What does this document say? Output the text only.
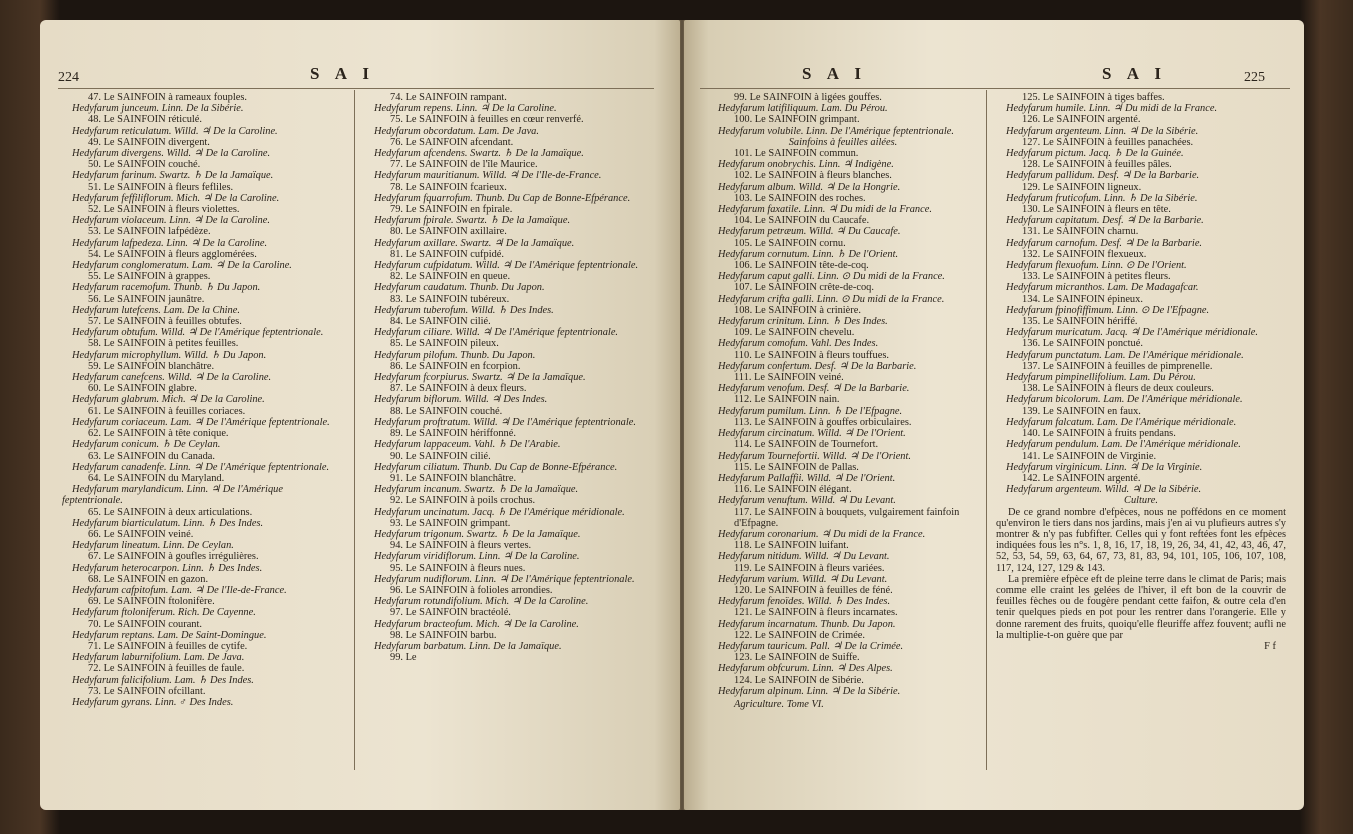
224	S A I

47. Le SAINFOIN à rameaux fouples.

Hedyfarum junceum. Linn. De la Sibérie.

48. Le SAINFOIN réticulé.

Hedyfarum reticulatum. Willd. ♃ De la Caroline.

49. Le SAINFOIN divergent.

Hedyfarum divergens. Willd. ♃ De la Caroline.

50. Le SAINFOIN couché.

Hedyfarum farinum. Swartz. ♄ De la Jamaïque.

51. Le SAINFOIN à fleurs fefliles.

Hedyfarum feffiliflorum. Mich. ♃ De la Caroline.

52. Le SAINFOIN à fleurs violettes.

Hedyfarum violaceum. Linn. ♃ De la Caroline.

53. Le SAINFOIN lafpédèze.

Hedyfarum lafpedeza. Linn. ♃ De la Caroline.

54. Le SAINFOIN à fleurs agglomérées.

Hedyfarum conglomeratum. Lam. ♃ De la Caroline.

55. Le SAINFOIN à grappes.

Hedyfarum racemofum. Thunb. ♄ Du Japon.

56. Le SAINFOIN jaunâtre.

Hedyfarum lutefcens. Lam. De la Chine.

57. Le SAINFOIN à feuilles obtufes.

Hedyfarum obtufum. Willd. ♃ De l'Amérique feptentrionale.

58. Le SAINFOIN à petites feuilles.

Hedyfarum microphyllum. Willd. ♄ Du Japon.

59. Le SAINFOIN blanchâtre.

Hedyfarum canefcens. Willd. ♃ De la Caroline.

60. Le SAINFOIN glabre.

Hedyfarum glabrum. Mich. ♃ De la Caroline.

61. Le SAINFOIN à feuilles coriaces.

Hedyfarum coriaceum. Lam. ♃ De l'Amérique feptentrionale.

62. Le SAINFOIN à tête conique.

Hedyfarum conicum. ♄ De Ceylan.

63. Le SAINFOIN du Canada.

Hedyfarum canadenfe. Linn. ♃ De l'Amérique feptentrionale.

64. Le SAINFOIN du Maryland.

Hedyfarum marylandicum. Linn. ♃ De l'Amérique feptentrionale.

65. Le SAINFOIN à deux articulations.

Hedyfarum biarticulatum. Linn. ♄ Des Indes.

66. Le SAINFOIN veiné.

Hedyfarum lineatum. Linn. De Ceylan.

67. Le SAINFOIN à goufles irrégulières.

Hedyfarum heterocarpon. Linn. ♄ Des Indes.

68. Le SAINFOIN en gazon.

Hedyfarum cafpitofum. Lam. ♃ De l'Ile-de-France.

69. Le SAINFOIN ftolonifère.

Hedyfarum ftoloniferum. Rich. De Cayenne.

70. Le SAINFOIN courant.

Hedyfarum reptans. Lam. De Saint-Domingue.

71. Le SAINFOIN à feuilles de cytife.

Hedyfarum laburnifolium. Lam. De Java.

72. Le SAINFOIN à feuilles de faule.

Hedyfarum falicifolium. Lam. ♄ Des Indes.

73. Le SAINFOIN ofcillant.

Hedyfarum gyrans. Linn. ♂ Des Indes.

74. Le SAINFOIN rampant.

Hedyfarum repens. Linn. ♃ De la Caroline.

75. Le SAINFOIN à feuilles en cœur renverfé.

Hedyfarum obcordatum. Lam. De Java.

76. Le SAINFOIN afcendant.

Hedyfarum afcendens. Swartz. ♄ De la Jamaïque.

77. Le SAINFOIN de l'île Maurice.

Hedyfarum mauritianum. Willd. ♃ De l'Ile-de-France.

78. Le SAINFOIN fcarieux.

Hedyfarum fquarrofum. Thunb. Du Cap de Bonne-Efpérance.

79. Le SAINFOIN en fpirale.

Hedyfarum fpirale. Swartz. ♄ De la Jamaïque.

80. Le SAINFOIN axillaire.

Hedyfarum axillare. Swartz. ♃ De la Jamaïque.

81. Le SAINFOIN cufpidé.

Hedyfarum cufpidatum. Willd. ♃ De l'Amérique feptentrionale.

82. Le SAINFOIN en queue.

Hedyfarum caudatum. Thunb. Du Japon.

83. Le SAINFOIN tubéreux.

Hedyfarum tuberofum. Willd. ♄ Des Indes.

84. Le SAINFOIN cilié.

Hedyfarum ciliare. Willd. ♃ De l'Amérique feptentrionale.

85. Le SAINFOIN pileux.

Hedyfarum pilofum. Thunb. Du Japon.

86. Le SAINFOIN en fcorpion.

Hedyfarum fcorpiurus. Swartz. ♃ De la Jamaïque.

87. Le SAINFOIN à deux fleurs.

Hedyfarum biflorum. Willd. ♃ Des Indes.

88. Le SAINFOIN couché.

Hedyfarum proftratum. Willd. ♃ De l'Amérique feptentrionale.

89. Le SAINFOIN hériffonné.

Hedyfarum lappaceum. Vahl. ♄ De l'Arabie.

90. Le SAINFOIN cilié.

Hedyfarum ciliatum. Thunb. Du Cap de Bonne-Efpérance.

91. Le SAINFOIN blanchâtre.

Hedyfarum incanum. Swartz. ♄ De la Jamaïque.

92. Le SAINFOIN à poils crochus.

Hedyfarum uncinatum. Jacq. ♄ De l'Amérique méridionale.

93. Le SAINFOIN grimpant.

Hedyfarum trigonum. Swartz. ♄ De la Jamaïque.

94. Le SAINFOIN à fleurs vertes.

Hedyfarum viridiflorum. Linn. ♃ De la Caroline.

95. Le SAINFOIN à fleurs nues.

Hedyfarum nudiflorum. Linn. ♃ De l'Amérique feptentrionale.

96. Le SAINFOIN à folioles arrondies.

Hedyfarum rotundifolium. Mich. ♃ De la Caroline.

97. Le SAINFOIN bractéolé.

Hedyfarum bracteofum. Mich. ♃ De la Caroline.

98. Le SAINFOIN barbu.

Hedyfarum barbatum. Linn. De la Jamaïque.

99. Le

S A I	S A I	225

99. Le SAINFOIN à ligées gouffes.

Hedyfarum latifiliquum. Lam. Du Pérou.

100. Le SAINFOIN grimpant.

Hedyfarum volubile. Linn. De l'Amérique feptentrionale.

Sainfoins à feuilles ailées.

101. Le SAINFOIN commun.

Hedyfarum onobrychis. Linn. ♃ Indigène.

102. Le SAINFOIN à fleurs blanches.

Hedyfarum album. Willd. ♃ De la Hongrie.

103. Le SAINFOIN des roches.

Hedyfarum faxatile. Linn. ♃ Du midi de la France.

104. Le SAINFOIN du Caucafe.

Hedyfarum petræum. Willd. ♃ Du Caucafe.

105. Le SAINFOIN cornu.

Hedyfarum cornutum. Linn. ♄ De l'Orient.

106. Le SAINFOIN tête-de-coq.

Hedyfarum caput galli. Linn. ⊙ Du midi de la France.

107. Le SAINFOIN crête-de-coq.

Hedyfarum crifta galli. Linn. ⊙ Du midi de la France.

108. Le SAINFOIN à crinière.

Hedyfarum crinitum. Linn. ♄ Des Indes.

109. Le SAINFOIN chevelu.

Hedyfarum comofum. Vahl. Des Indes.

110. Le SAINFOIN à fleurs touffues.

Hedyfarum confertum. Desf. ♃ De la Barbarie.

111. Le SAINFOIN veiné.

Hedyfarum venofum. Desf. ♃ De la Barbarie.

112. Le SAINFOIN nain.

Hedyfarum pumilum. Linn. ♄ De l'Efpagne.

113. Le SAINFOIN à gouffes orbiculaires.

Hedyfarum circinatum. Willd. ♃ De l'Orient.

114. Le SAINFOIN de Tournefort.

Hedyfarum Tournefortii. Willd. ♃ De l'Orient.

115. Le SAINFOIN de Pallas.

Hedyfarum Pallaffii. Willd. ♃ De l'Orient.

116. Le SAINFOIN élégant.

Hedyfarum venuftum. Willd. ♃ Du Levant.

117. Le SAINFOIN à bouquets, vulgairement fainfoin d'Efpagne.

Hedyfarum coronarium. ♃ Du midi de la France.

118. Le SAINFOIN luifant.

Hedyfarum nitidum. Willd. ♃ Du Levant.

119. Le SAINFOIN à fleurs variées.

Hedyfarum varium. Willd. ♃ Du Levant.

120. Le SAINFOIN à feuilles de féné.

Hedyfarum fenoïdes. Willd. ♄ Des Indes.

121. Le SAINFOIN à fleurs incarnates.

Hedyfarum incarnatum. Thunb. Du Japon.

122. Le SAINFOIN de Crimée.

Hedyfarum tauricum. Pall. ♃ De la Crimée.

123. Le SAINFOIN de Suiffe.

Hedyfarum obfcurum. Linn. ♃ Des Alpes.

124. Le SAINFOIN de Sibérie.

Hedyfarum alpinum. Linn. ♃ De la Sibérie.

Agriculture. Tome VI.

125. Le SAINFOIN à tiges baffes.

Hedyfarum humile. Linn. ♃ Du midi de la France.

126. Le SAINFOIN argenté.

Hedyfarum argenteum. Linn. ♃ De la Sibérie.

127. Le SAINFOIN à feuilles panachées.

Hedyfarum pictum. Jacq. ♄ De la Guinée.

128. Le SAINFOIN à feuilles pâles.

Hedyfarum pallidum. Desf. ♃ De la Barbarie.

129. Le SAINFOIN ligneux.

Hedyfarum fruticofum. Linn. ♄ De la Sibérie.

130. Le SAINFOIN à fleurs en tête.

Hedyfarum capitatum. Desf. ♃ De la Barbarie.

131. Le SAINFOIN charnu.

Hedyfarum carnofum. Desf. ♃ De la Barbarie.

132. Le SAINFOIN flexueux.

Hedyfarum flexuofum. Linn. ⊙ De l'Orient.

133. Le SAINFOIN à petites fleurs.

Hedyfarum micranthos. Lam. De Madagafcar.

134. Le SAINFOIN épineux.

Hedyfarum fpinofiffimum. Linn. ⊙ De l'Efpagne.

135. Le SAINFOIN hériffé.

Hedyfarum muricatum. Jacq. ♃ De l'Amérique méridionale.

136. Le SAINFOIN ponctué.

Hedyfarum punctatum. Lam. De l'Amérique méridionale.

137. Le SAINFOIN à feuilles de pimprenelle.

Hedyfarum pimpinellifolium. Lam. Du Pérou.

138. Le SAINFOIN à fleurs de deux couleurs.

Hedyfarum bicolorum. Lam. De l'Amérique méridionale.

139. Le SAINFOIN en faux.

Hedyfarum falcatum. Lam. De l'Amérique méridionale.

140. Le SAINFOIN à fruits pendans.

Hedyfarum pendulum. Lam. De l'Amérique méridionale.

141. Le SAINFOIN de Virginie.

Hedyfarum virginicum. Linn. ♃ De la Virginie.

142. Le SAINFOIN argenté.

Hedyfarum argenteum. Willd. ♃ De la Sibérie.

Culture.

De ce grand nombre d'efpèces, nous ne poffédons en ce moment qu'environ le tiers dans nos jardins, mais j'en ai vu plufieurs autres s'y montrer & n'y pas fubfifter. Celles qui y font reftées font les efpèces indiquées fous les n°s. 1, 8, 16, 17, 18, 19, 26, 34, 41, 42, 43, 46, 47, 52, 53, 54, 59, 63, 64, 67, 73, 81, 83, 94, 101, 105, 106, 107, 108, 117, 124, 127, 129 & 143.

La première efpèce eft de pleine terre dans le climat de Paris; mais comme elle craint les gelées de l'hiver, il eft bon de la couvrir de feuilles fèches ou de fougère pendant cette faifon, & outre cela d'en tenir quelques pieds en pot pour les rentrer dans l'orangerie. Elle y donne rarement des fruits, quoiqu'elle fleuriffe affez fouvent; aufli ne la multiplie-t-on guère que par

F f
